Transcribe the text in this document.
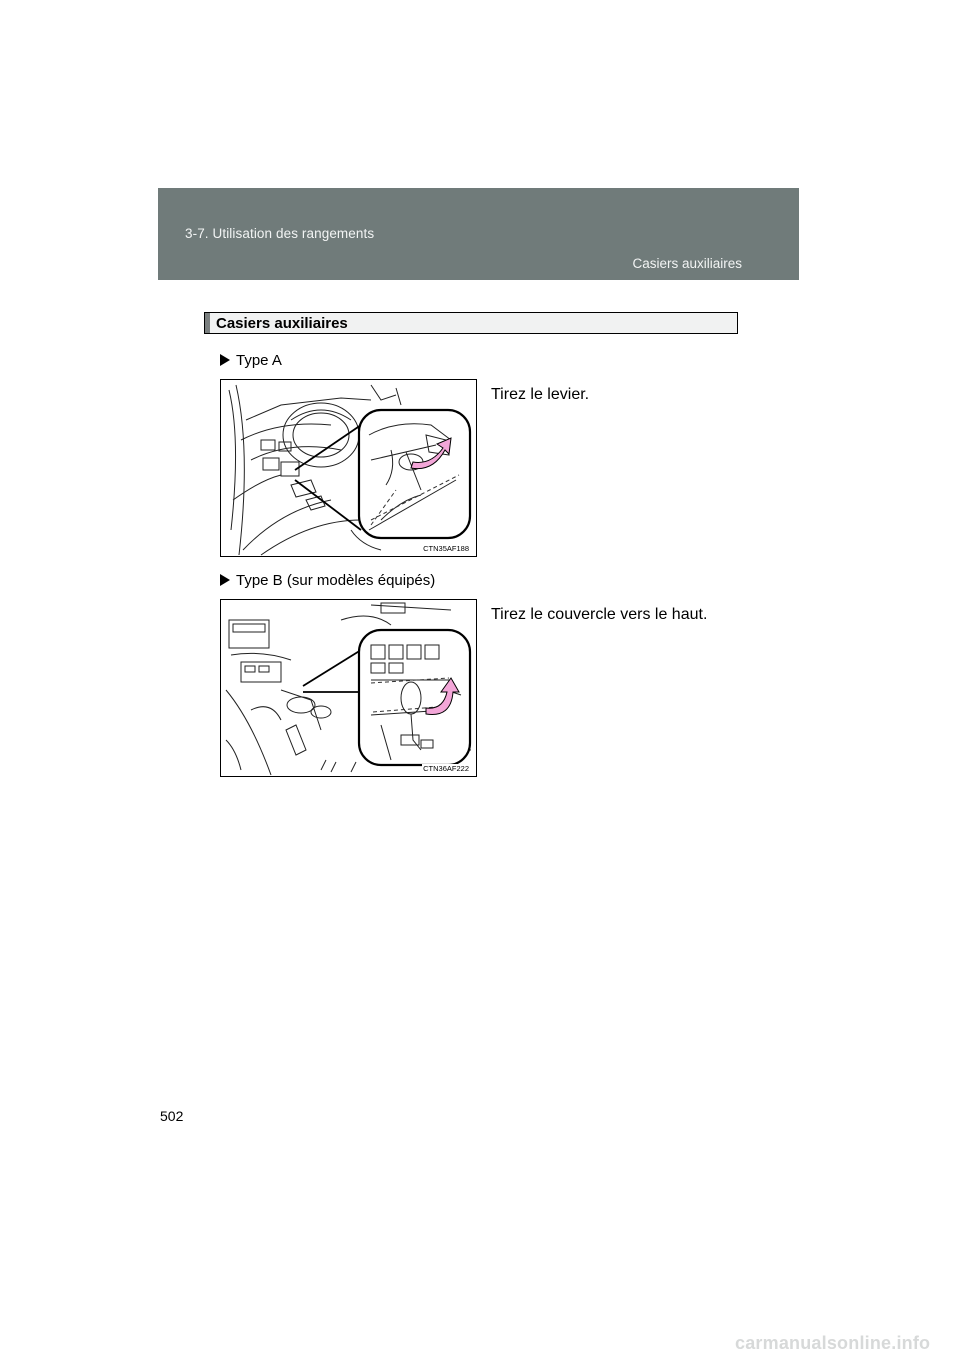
3-7. Utilisation des rangements
Casiers auxiliaires
Casiers auxiliaires
Type A
Tirez le levier.
CTN35AF188
Type B (sur modèles équipés)
Tirez le couvercle vers le haut.
CTN36AF222
502
carmanualsonline.info
